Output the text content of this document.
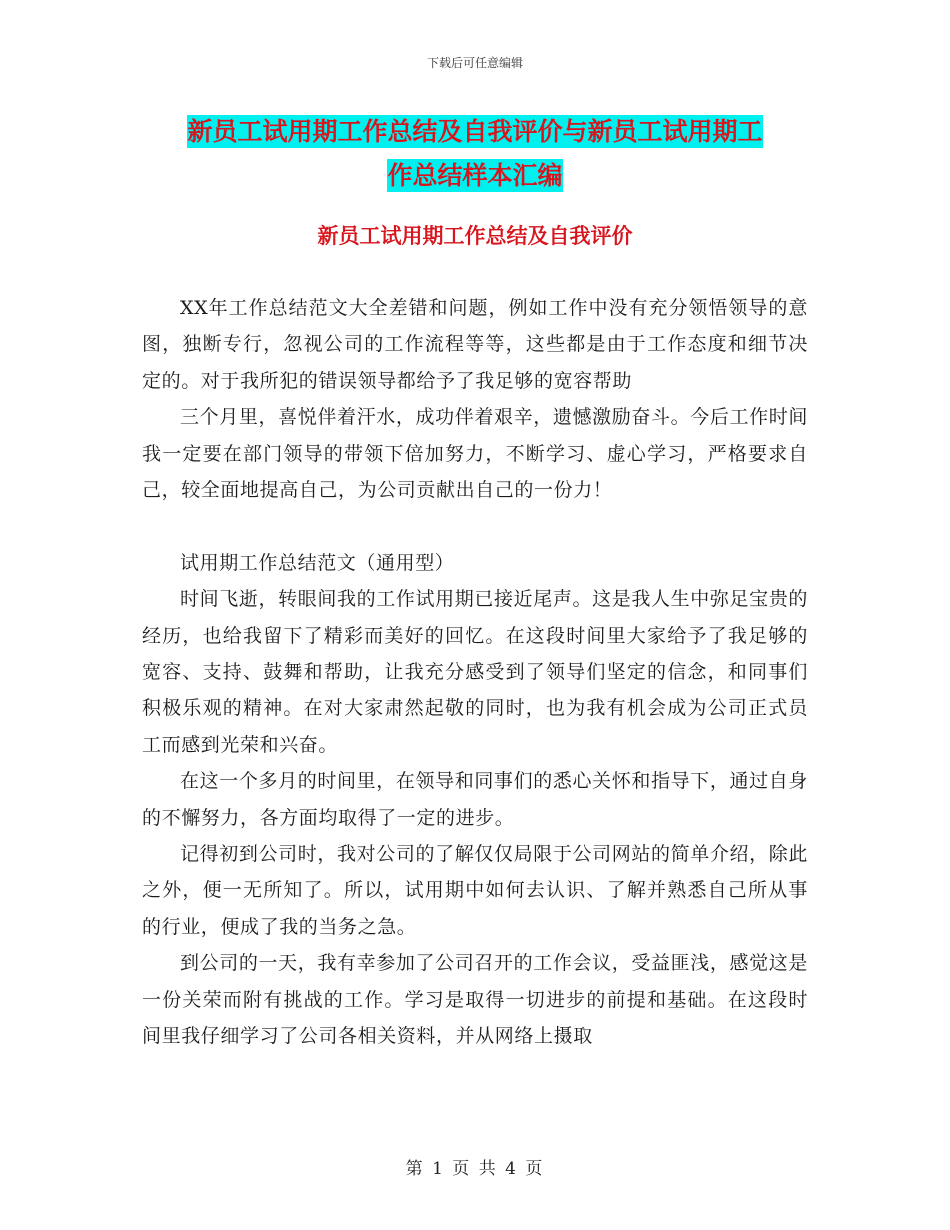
下载后可任意编辑
新员工试用期工作总结及自我评价与新员工试用期工
作总结样本汇编
新员工试用期工作总结及自我评价

XX年工作总结范文大全差错和问题，例如工作中没有充分领悟领导的意图，独断专行，忽视公司的工作流程等等，这些都是由于工作态度和细节决定的。对于我所犯的错误领导都给予了我足够的宽容帮助

三个月里，喜悦伴着汗水，成功伴着艰辛，遗憾激励奋斗。今后工作时间我一定要在部门领导的带领下倍加努力，不断学习、虚心学习，严格要求自己，较全面地提高自己，为公司贡献出自己的一份力！

试用期工作总结范文（通用型）

时间飞逝，转眼间我的工作试用期已接近尾声。这是我人生中弥足宝贵的经历，也给我留下了精彩而美好的回忆。在这段时间里大家给予了我足够的宽容、支持、鼓舞和帮助，让我充分感受到了领导们坚定的信念，和同事们积极乐观的精神。在对大家肃然起敬的同时，也为我有机会成为公司正式员工而感到光荣和兴奋。

在这一个多月的时间里，在领导和同事们的悉心关怀和指导下，通过自身的不懈努力，各方面均取得了一定的进步。

记得初到公司时，我对公司的了解仅仅局限于公司网站的简单介绍，除此之外，便一无所知了。所以，试用期中如何去认识、了解并熟悉自己所从事的行业，便成了我的当务之急。

到公司的一天，我有幸参加了公司召开的工作会议，受益匪浅，感觉这是一份关荣而附有挑战的工作。学习是取得一切进步的前提和基础。在这段时间里我仔细学习了公司各相关资料，并从网络上摄取

第 1 页 共 4 页
